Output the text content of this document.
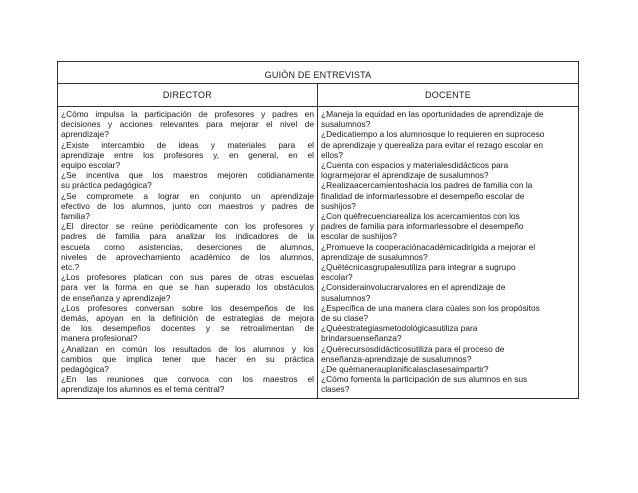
GUIÓN DE ENTREVISTA
DIRECTOR	DOCENTE
¿Cómo impulsa la participación de profesores y padres en
decisiones y acciones relevantes para mejorar el nivel de
aprendizaje?
¿Existe intercambio de ideas y materiales para el
aprendizaje entre los profesores y, en general, en el
equipo escolar?
¿Se incentiva que los maestros mejoren cotidianamente
su práctica pedagógica?
¿Se compromete a lograr en conjunto un aprendizaje
efectivo de los alumnos, junto con maestros y padres de
familia?
¿El director se reúne periódicamente con los profesores y
padres de familia para analizar los indicadores de la
escuela como asistencias, deserciones de alumnos,
niveles de aprovechamiento académico de los alumnos,
etc.?
¿Los profesores platican con sus pares de otras escuelas
para ver la forma en que se han superado los obstáculos
de enseñanza y aprendizaje?
¿Los profesores conversan sobre los desempeños de los
demás, apoyan en la definición de estrategias de mejora
de los desempeños docentes y se retroalimentan de
manera profesional?
¿Analizan en común los resultados de los alumnos y los
cambios que implica tener que hacer en su práctica
pedagógica?
¿En las reuniones que convoca con los maestros el
aprendizaje los alumnos es el tema central?
¿Maneja la equidad en las oportunidades de aprendizaje de
susalumnos?
¿Dedicatiempo a los alumnosque lo requieren en suproceso
de aprendizaje y querealiza para evitar el rezago escolar en
ellos?
¿Cuenta con espacios y materialesdidácticos para
lograrmejorar el aprendizaje de susalumnos?
¿Realizaacercamientoshacia los padres de familia con la
finalidad de informarlessobre el desempeño escolar de
sushijos?
¿Con quéfrecuenciarealiza los acercamientos con los
padres de familia para informarlessobre el desempeño
escolar de sushijos?
¿Promueve la cooperaciónacadémicadirigida a mejorar el
aprendizaje de susalumnos?
¿Quétécnicasgrupalesutiliza para integrar a sugrupo
escolar?
¿Considerainvolucrarvalores en el aprendizaje de
susalumnos?
¿Especifica de una manera clara cúales son los propósitos
de su clase?
¿Quéestrategiasmetodológicasutiliza para
brindarsuenseñanza?
¿Quérecursosdidácticosutiliza para el proceso de
enseñanza-aprendizaje de susalumnos?
¿De quémanerauplanificalasclasesaimpartir?
¿Cómo fomenta la participación de sus alumnos en sus
clases?
